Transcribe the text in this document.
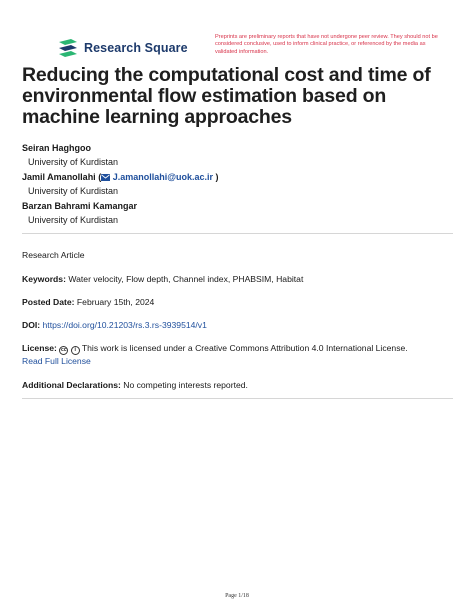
Research Square
Preprints are preliminary reports that have not undergone peer review. They should not be considered conclusive, used to inform clinical practice, or referenced by the media as validated information.
Reducing the computational cost and time of environmental flow estimation based on machine learning approaches
Seiran Haghgoo
University of Kurdistan
Jamil Amanollahi ( J.amanollahi@uok.ac.ir )
University of Kurdistan
Barzan Bahrami Kamangar
University of Kurdistan
Research Article
Keywords: Water velocity, Flow depth, Channel index, PHABSIM, Habitat
Posted Date: February 15th, 2024
DOI: https://doi.org/10.21203/rs.3.rs-3939514/v1
License: cc i This work is licensed under a Creative Commons Attribution 4.0 International License.
Read Full License
Additional Declarations: No competing interests reported.
Page 1/18
